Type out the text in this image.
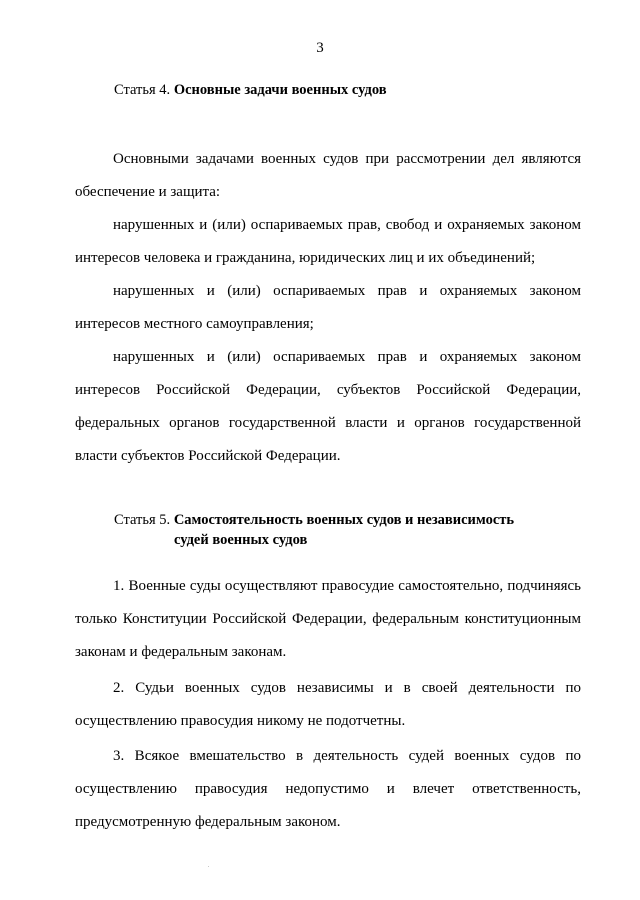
3
Статья 4. Основные задачи военных судов

Основными задачами военных судов при рассмотрении дел являются обеспечение и защита:

нарушенных и (или) оспариваемых прав, свобод и охраняемых законом интересов человека и гражданина, юридических лиц и их объединений;

нарушенных и (или) оспариваемых прав и охраняемых законом интересов местного самоуправления;

нарушенных и (или) оспариваемых прав и охраняемых законом интересов Российской Федерации, субъектов Российской Федерации, федеральных органов государственной власти и органов государственной власти субъектов Российской Федерации.

Статья 5. Самостоятельность военных судов и независимость
судей военных судов

1. Военные суды осуществляют правосудие самостоятельно, подчиняясь только Конституции Российской Федерации, федеральным конституционным законам и федеральным законам.

2. Судьи военных судов независимы и в своей деятельности по осуществлению правосудия никому не подотчетны.

3. Всякое вмешательство в деятельность судей военных судов по осуществлению правосудия недопустимо и влечет ответственность, предусмотренную федеральным законом.
